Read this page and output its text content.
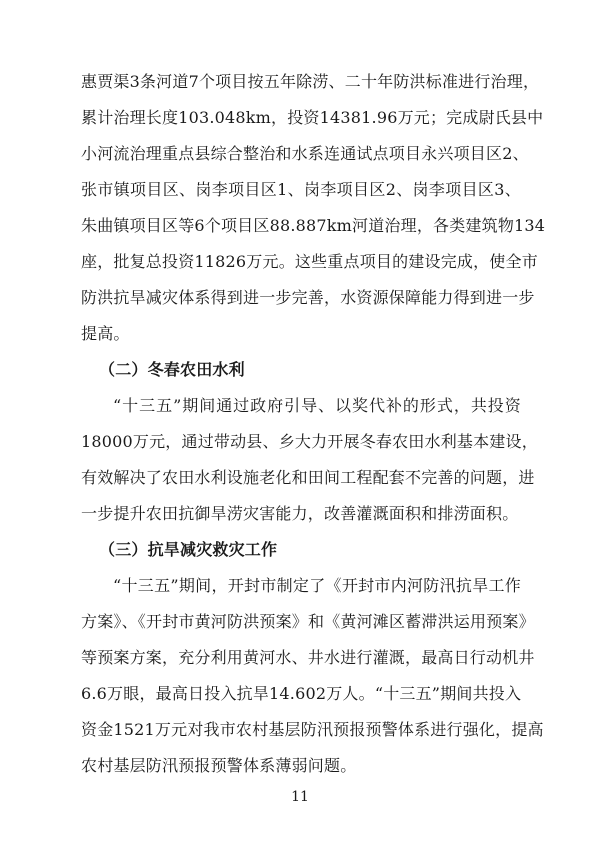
惠贾渠3条河道7个项目按五年除涝、二十年防洪标准进行治理，
累计治理长度103.048km，投资14381.96万元；完成尉氏县中
小河流治理重点县综合整治和水系连通试点项目永兴项目区2、
张市镇项目区、岗李项目区1、岗李项目区2、岗李项目区3、
朱曲镇项目区等6个项目区88.887km河道治理，各类建筑物134
座，批复总投资11826万元。这些重点项目的建设完成，使全市
防洪抗旱减灾体系得到进一步完善，水资源保障能力得到进一步
提高。
（二）冬春农田水利
“十三五”期间通过政府引导、以奖代补的形式，共投资
18000万元，通过带动县、乡大力开展冬春农田水利基本建设，
有效解决了农田水利设施老化和田间工程配套不完善的问题，进
一步提升农田抗御旱涝灾害能力，改善灌溉面积和排涝面积。
（三）抗旱减灾救灾工作
“十三五”期间，开封市制定了《开封市内河防汛抗旱工作
方案》、《开封市黄河防洪预案》和《黄河滩区蓄滞洪运用预案》
等预案方案，充分利用黄河水、井水进行灌溉，最高日行动机井
6.6万眼，最高日投入抗旱14.602万人。“十三五”期间共投入
资金1521万元对我市农村基层防汛预报预警体系进行强化，提高
农村基层防汛预报预警体系薄弱问题。
11
